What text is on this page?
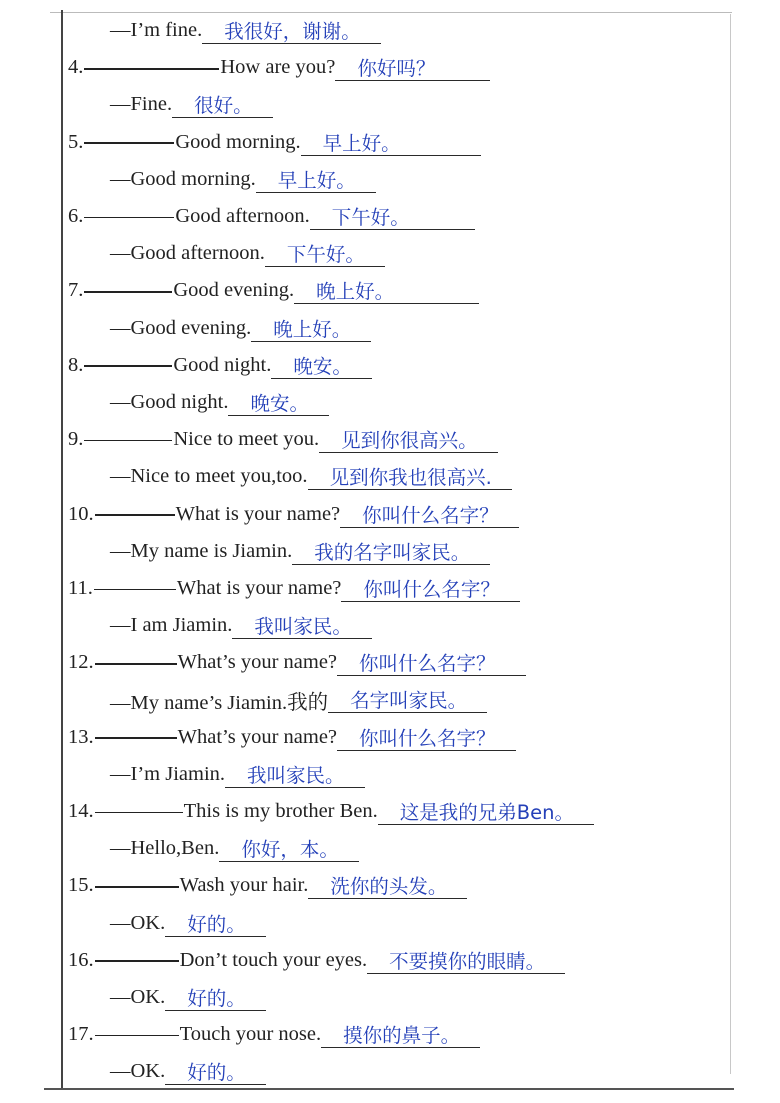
—I’m fine.	我很好，谢谢。
4.	How are you?	你好吗？
—Fine.	很好。
5.	Good morning.	早上好。
—Good morning.	早上好。
6.	Good afternoon.	下午好。
—Good afternoon.	下午好。
7.	Good evening.	晚上好。
—Good evening.	晚上好。
8.	Good night.	晚安。
—Good night.	晚安。
9.	Nice to meet you.	见到你很高兴。
—Nice to meet you,too.	见到你我也很高兴.
10.	What is your name?	你叫什么名字？
—My name is Jiamin.	我的名字叫家民。
11.	What is your name?	你叫什么名字？
—I am Jiamin.	我叫家民。
12.	What’s your name?	你叫什么名字？
—My name’s Jiamin.我的	名字叫家民。
13.	What’s your name?	你叫什么名字？
—I’m Jiamin.	我叫家民。
14.	This is my brother Ben.	这是我的兄弟Ben。
—Hello,Ben.	你好，本。
15.	Wash your hair.	洗你的头发。
—OK.	好的。
16.	Don’t touch your eyes.	不要摸你的眼睛。
—OK.	好的。
17.	Touch your nose.	摸你的鼻子。
—OK.	好的。
